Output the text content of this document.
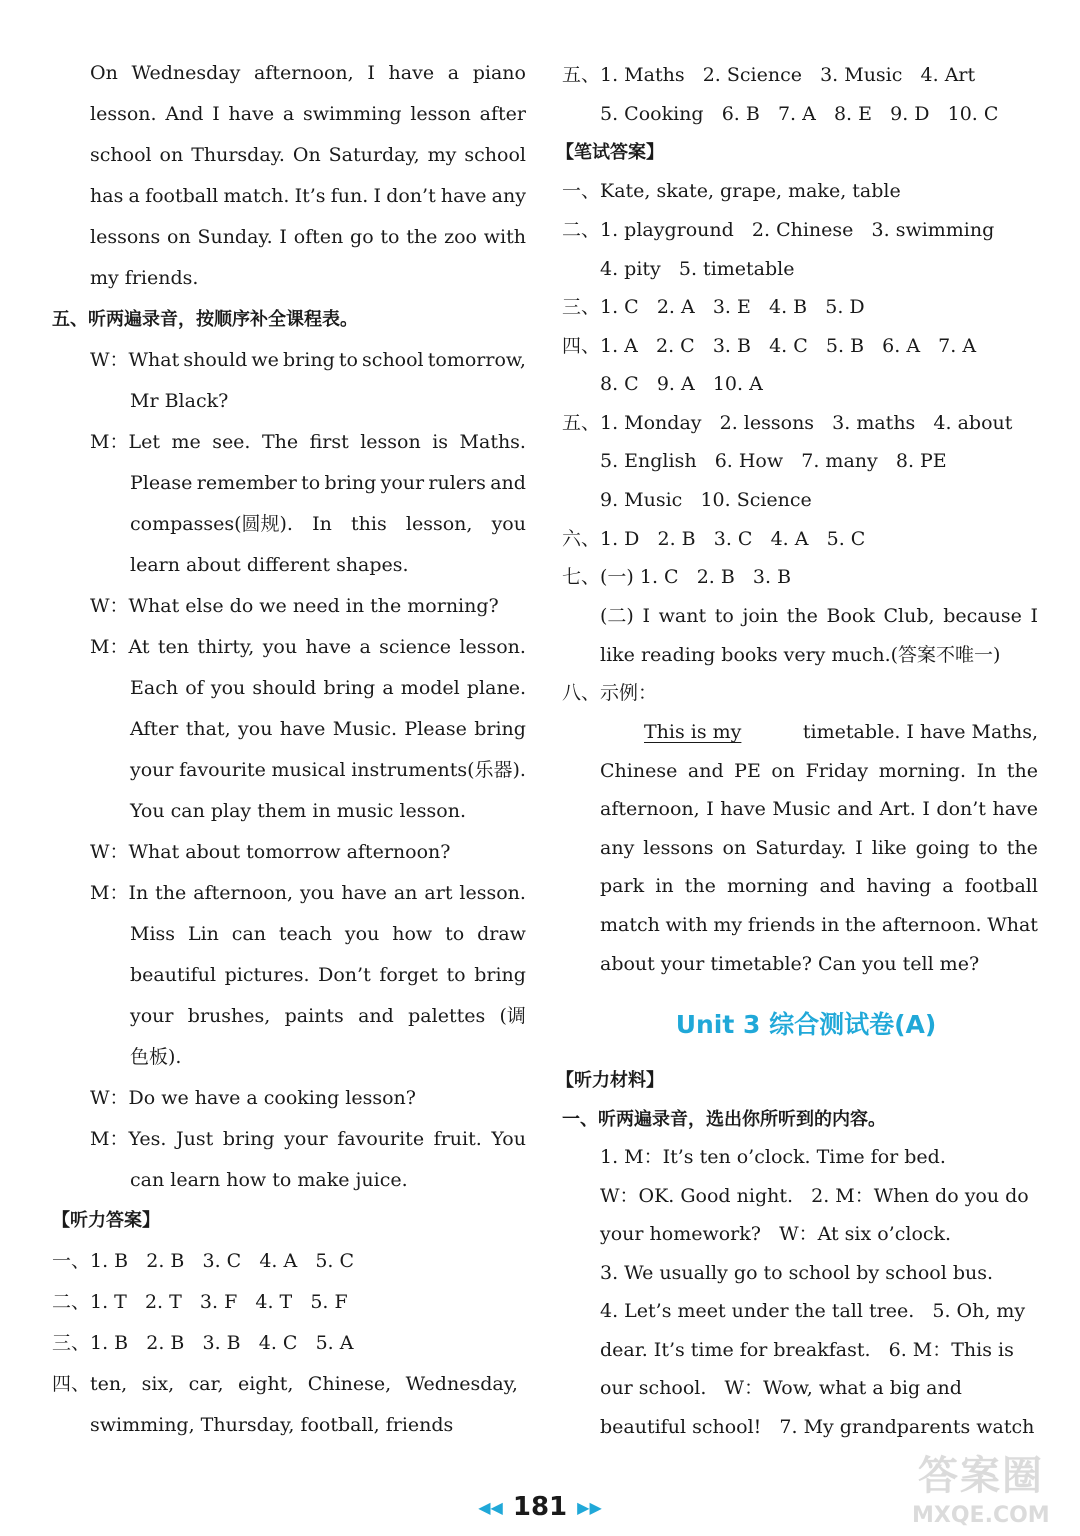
On Wednesday afternoon, I have a piano
lesson. And I have a swimming lesson after
school on Thursday. On Saturday, my school
has a football match. It’s fun. I don’t have any
lessons on Sunday. I often go to the zoo with
my friends.
五、听两遍录音，按顺序补全课程表。
W：What should we bring to school tomorrow,
Mr Black?
M：Let me see. The first lesson is Maths.
Please remember to bring your rulers and
compasses(圆规). In this lesson, you
learn about different shapes.
W：What else do we need in the morning?
M：At ten thirty, you have a science lesson.
Each of you should bring a model plane.
After that, you have Music. Please bring
your favourite musical instruments(乐器).
You can play them in music lesson.
W：What about tomorrow afternoon?
M：In the afternoon, you have an art lesson.
Miss Lin can teach you how to draw
beautiful pictures. Don’t forget to bring
your brushes, paints and palettes (调
色板).
W：Do we have a cooking lesson?
M：Yes. Just bring your favourite fruit. You
can learn how to make juice.
【听力答案】
一、1. B   2. B   3. C   4. A   5. C
二、1. T   2. T   3. F   4. T   5. F
三、1. B   2. B   3. B   4. C   5. A
四、ten, six, car, eight, Chinese, Wednesday,
swimming, Thursday, football, friends
五、1. Maths   2. Science   3. Music   4. Art
5. Cooking   6. B   7. A   8. E   9. D   10. C
【笔试答案】
一、Kate, skate, grape, make, table
二、1. playground   2. Chinese   3. swimming
4. pity   5. timetable
三、1. C   2. A   3. E   4. B   5. D
四、1. A   2. C   3. B   4. C   5. B   6. A   7. A
8. C   9. A   10. A
五、1. Monday   2. lessons   3. maths   4. about
5. English   6. How   7. many   8. PE
9. Music   10. Science
六、1. D   2. B   3. C   4. A   5. C
七、(一) 1. C   2. B   3. B
(二) I want to join the Book Club, because I
like reading books very much.(答案不唯一)
八、示例：
This is my	timetable. I have Maths,
Chinese and PE on Friday morning. In the
afternoon, I have Music and Art. I don’t have
any lessons on Saturday. I like going to the
park in the morning and having a football
match with my friends in the afternoon. What
about your timetable? Can you tell me?
Unit 3 综合测试卷(A)
【听力材料】
一、听两遍录音，选出你所听到的内容。
1. M：It’s ten o’clock. Time for bed.
W：OK. Good night.   2. M：When do you do
your homework?   W：At six o’clock.
3. We usually go to school by school bus.
4. Let’s meet under the tall tree.   5. Oh, my
dear. It’s time for breakfast.   6. M：This is
our school.   W：Wow, what a big and
beautiful school!   7. My grandparents watch
◀◀ 181 ▶▶
答案圈
MXQE.COM
